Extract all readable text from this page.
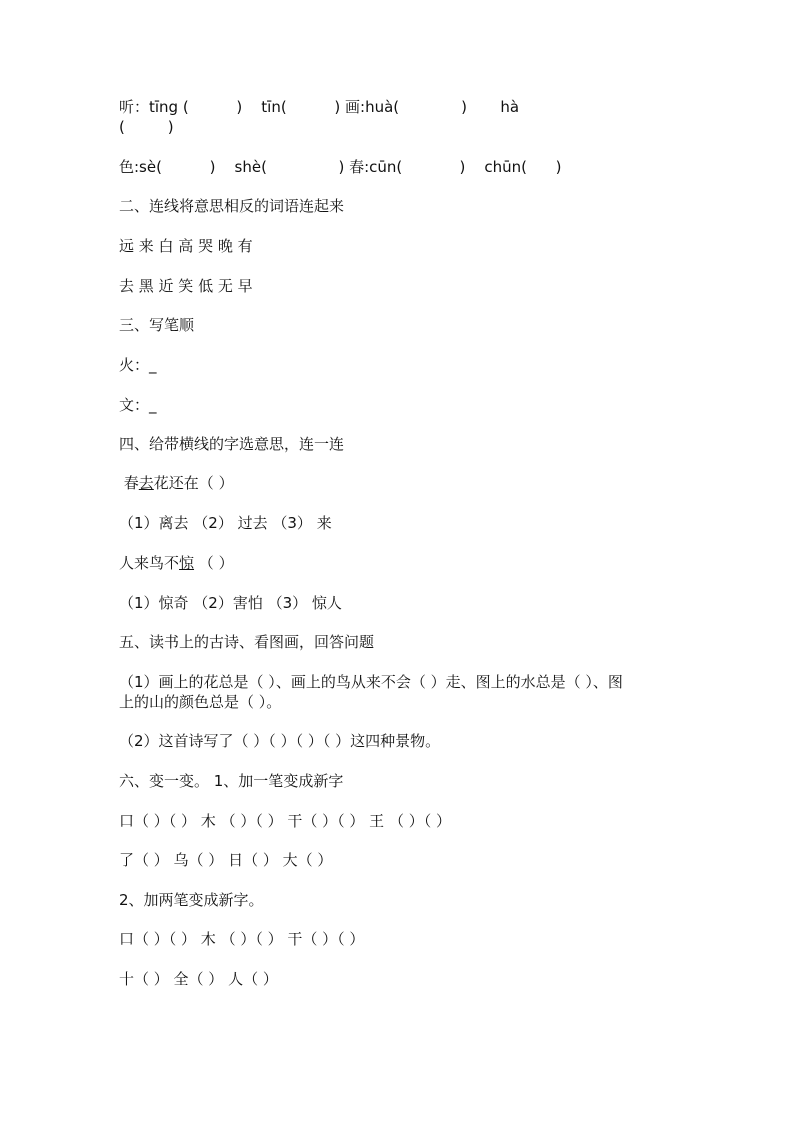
听：tīng (          )    tīn(          ) 画:huà(             )       hà
(         )
色:sè(          )    shè(               ) 春:cūn(            )    chūn(      )
二、连线将意思相反的词语连起来
远 来 白 高 哭 晚 有
去 黑 近 笑 低 无 早
三、写笔顺
火：_
文：_
四、给带横线的字选意思，连一连
春去花还在（ ）
（1）离去 （2） 过去 （3） 来
人来鸟不惊 （ ）
（1）惊奇 （2）害怕 （3） 惊人
五、读书上的古诗、看图画，回答问题
（1）画上的花总是（ ）、画上的鸟从来不会（ ）走、图上的水总是（ ）、图
上的山的颜色总是（ ）。
（2）这首诗写了（ ）（ ）（ ）（ ）这四种景物。
六、变一变。 1、加一笔变成新字
口（ ）（ ） 木 （ ）（ ） 干（ ）（ ） 王 （ ）（ ）
了（ ） 乌（ ） 日（ ） 大（ ）
2、加两笔变成新字。
口（ ）（ ） 木 （ ）（ ） 干（ ）（ ）
十（ ） 全（ ） 人（ ）
